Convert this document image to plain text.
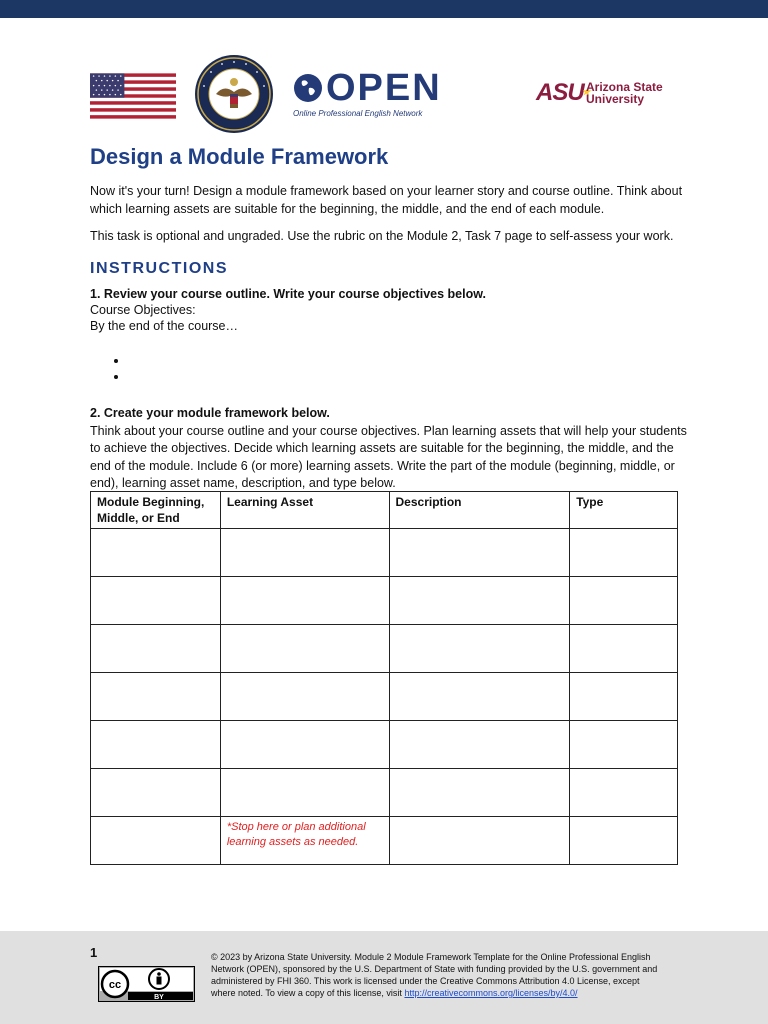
OPEN
Online Professional English Network
ASU★
Arizona State
University
Design a Module Framework

Now it's your turn! Design a module framework based on your learner story and course outline. Think about which learning assets are suitable for the beginning, the middle, and the end of each module.

This task is optional and ungraded. Use the rubric on the Module 2, Task 7 page to self-assess your work.

INSTRUCTIONS
1. Review your course outline. Write your course objectives below.
Course Objectives:
By the end of the course…
2. Create your module framework below.
Think about your course outline and your course objectives. Plan learning assets that will help your students to achieve the objectives. Decide which learning assets are suitable for the beginning, the middle, and the end of the module. Include 6 (or more) learning assets. Write the part of the module (beginning, middle, or end), learning asset name, description, and type below.
Module Beginning, Middle, or End	Learning Asset	Description	Type

	*Stop here or plan additional learning assets as needed.		
1
cc
BY
© 2023 by Arizona State University. Module 2 Module Framework Template for the Online Professional English Network (OPEN), sponsored by the U.S. Department of State with funding provided by the U.S. government and administered by FHI 360. This work is licensed under the Creative Commons Attribution 4.0 License, except where noted. To view a copy of this license, visit http://creativecommons.org/licenses/by/4.0/
